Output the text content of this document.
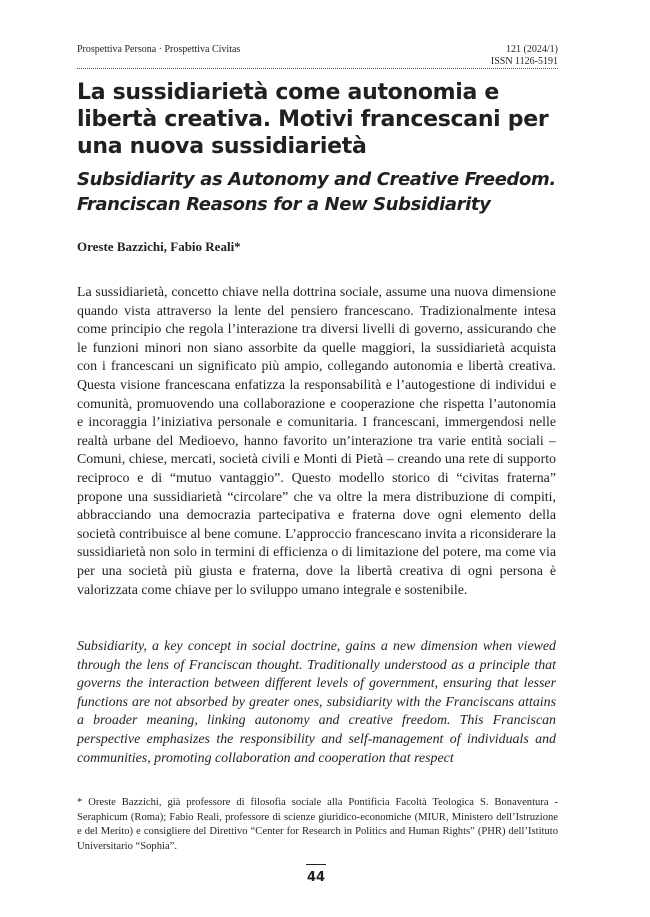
Prospettiva Persona · Prospettiva Civitas	121 (2024/1)
ISSN 1126-5191
La sussidiarietà come autonomia e libertà creativa. Motivi francescani per una nuova sussidiarietà
Subsidiarity as Autonomy and Creative Freedom. Franciscan Reasons for a New Subsidiarity
Oreste Bazzichi, Fabio Reali*

La sussidiarietà, concetto chiave nella dottrina sociale, assume una nuova dimensione quando vista attraverso la lente del pensiero francescano. Tradizionalmente intesa come principio che regola l’interazione tra diversi livelli di governo, assicurando che le funzioni minori non siano assorbite da quelle maggiori, la sussidiarietà acquista con i francescani un significato più ampio, collegando autonomia e libertà creativa. Questa visione francescana enfatizza la responsabilità e l’autogestione di individui e comunità, promuovendo una collaborazione e cooperazione che rispetta l’autonomia e incoraggia l’iniziativa personale e comunitaria. I francescani, immergendosi nelle realtà urbane del Medioevo, hanno favorito un’interazione tra varie entità sociali – Comuni, chiese, mercati, società civili e Monti di Pietà – creando una rete di supporto reciproco e di “mutuo vantaggio”. Questo modello storico di “civitas fraterna” propone una sussidiarietà “circolare” che va oltre la mera distribuzione di compiti, abbracciando una democrazia partecipativa e fraterna dove ogni elemento della società contribuisce al bene comune. L’approccio francescano invita a riconsiderare la sussidiarietà non solo in termini di efficienza o di limitazione del potere, ma come via per una società più giusta e fraterna, dove la libertà creativa di ogni persona è valorizzata come chiave per lo sviluppo umano integrale e sostenibile.

Subsidiarity, a key concept in social doctrine, gains a new dimension when viewed through the lens of Franciscan thought. Traditionally understood as a principle that governs the interaction between different levels of government, ensuring that lesser functions are not absorbed by greater ones, subsidiarity with the Franciscans attains a broader meaning, linking autonomy and creative freedom. This Franciscan perspective emphasizes the responsibility and self-management of individuals and communities, promoting collaboration and cooperation that respect

* Oreste Bazzichi, già professore di filosofia sociale alla Pontificia Facoltà Teologica S. Bonaventura - Seraphicum (Roma); Fabio Reali, professore di scienze giuridico-economiche (MIUR, Ministero dell’Istruzione e del Merito) e consigliere del Direttivo “Center for Research in Politics and Human Rights” (PHR) dell’Istituto Universitario “Sophia”.

44
